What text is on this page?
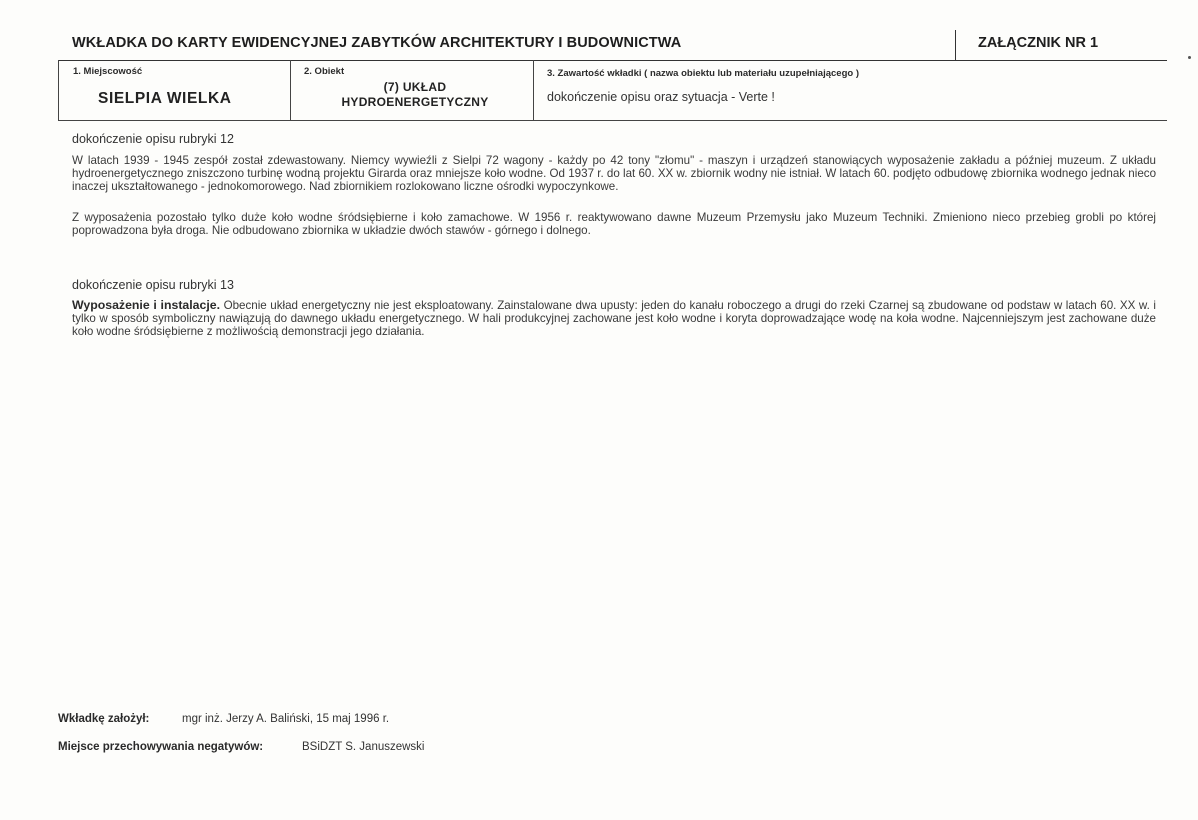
WKŁADKA DO KARTY EWIDENCYJNEJ ZABYTKÓW ARCHITEKTURY I BUDOWNICTWA	ZAŁĄCZNIK NR 1
1. Miejscowość
SIELPIA WIELKA
2. Obiekt
(7) UKŁAD
HYDROENERGETYCZNY
3. Zawartość wkładki ( nazwa obiektu lub materiału uzupełniającego )
dokończenie opisu oraz sytuacja - Verte !
dokończenie opisu rubryki 12
W latach 1939 - 1945 zespół został zdewastowany. Niemcy wywieźli z Sielpi 72 wagony - każdy po 42 tony "złomu" - maszyn i urządzeń stanowiących wyposażenie zakładu a później muzeum. Z układu hydroenergetycznego zniszczono turbinę wodną projektu Girarda oraz mniejsze koło wodne. Od 1937 r. do lat 60. XX w. zbiornik wodny nie istniał. W latach 60. podjęto odbudowę zbiornika wodnego jednak nieco inaczej ukształtowanego - jednokomorowego. Nad zbiornikiem rozlokowano liczne ośrodki wypoczynkowe.
Z wyposażenia pozostało tylko duże koło wodne śródsiębierne i koło zamachowe. W 1956 r. reaktywowano dawne Muzeum Przemysłu jako Muzeum Techniki. Zmieniono nieco przebieg grobli po której poprowadzona była droga. Nie odbudowano zbiornika w układzie dwóch stawów - górnego i dolnego.
dokończenie opisu rubryki 13
Wyposażenie i instalacje. Obecnie układ energetyczny nie jest eksploatowany. Zainstalowane dwa upusty: jeden do kanału roboczego a drugi do rzeki Czarnej są zbudowane od podstaw w latach 60. XX w. i tylko w sposób symboliczny nawiązują do dawnego układu energetycznego. W hali produkcyjnej zachowane jest koło wodne i koryta doprowadzające wodę na koła wodne. Najcenniejszym jest zachowane duże koło wodne śródsiębierne z możliwością demonstracji jego działania.
Wkładkę założył:	mgr inż. Jerzy A. Baliński, 15 maj 1996 r.
Miejsce przechowywania negatywów:	BSiDZT S. Januszewski
